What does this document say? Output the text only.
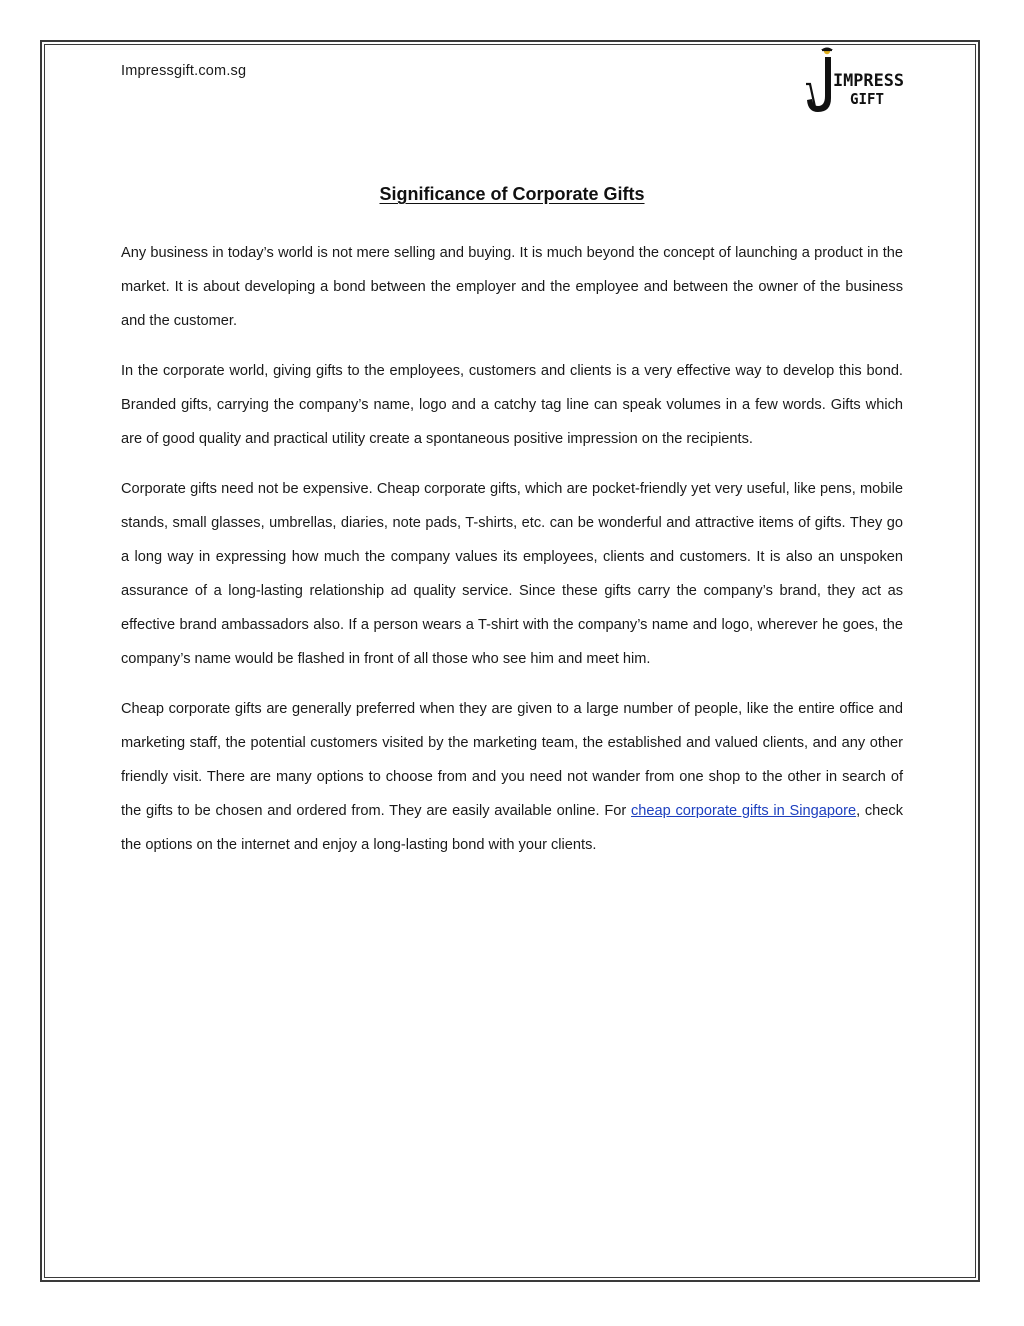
Impressgift.com.sg	IMPRESS
GIFT
Significance of Corporate Gifts

Any business in today’s world is not mere selling and buying. It is much beyond the concept of launching a product in the market. It is about developing a bond between the employer and the employee and between the owner of the business and the customer.

In the corporate world, giving gifts to the employees, customers and clients is a very effective way to develop this bond. Branded gifts, carrying the company’s name, logo and a catchy tag line can speak volumes in a few words. Gifts which are of good quality and practical utility create a spontaneous positive impression on the recipients.

Corporate gifts need not be expensive. Cheap corporate gifts, which are pocket-friendly yet very useful, like pens, mobile stands, small glasses, umbrellas, diaries, note pads, T-shirts, etc. can be wonderful and attractive items of gifts. They go a long way in expressing how much the company values its employees, clients and customers. It is also an unspoken assurance of a long-lasting relationship ad quality service. Since these gifts carry the company’s brand, they act as effective brand ambassadors also. If a person wears a T-shirt with the company’s name and logo, wherever he goes, the company’s name would be flashed in front of all those who see him and meet him.

Cheap corporate gifts are generally preferred when they are given to a large number of people, like the entire office and marketing staff, the potential customers visited by the marketing team, the established and valued clients, and any other friendly visit. There are many options to choose from and you need not wander from one shop to the other in search of the gifts to be chosen and ordered from. They are easily available online. For cheap corporate gifts in Singapore, check the options on the internet and enjoy a long-lasting bond with your clients.
